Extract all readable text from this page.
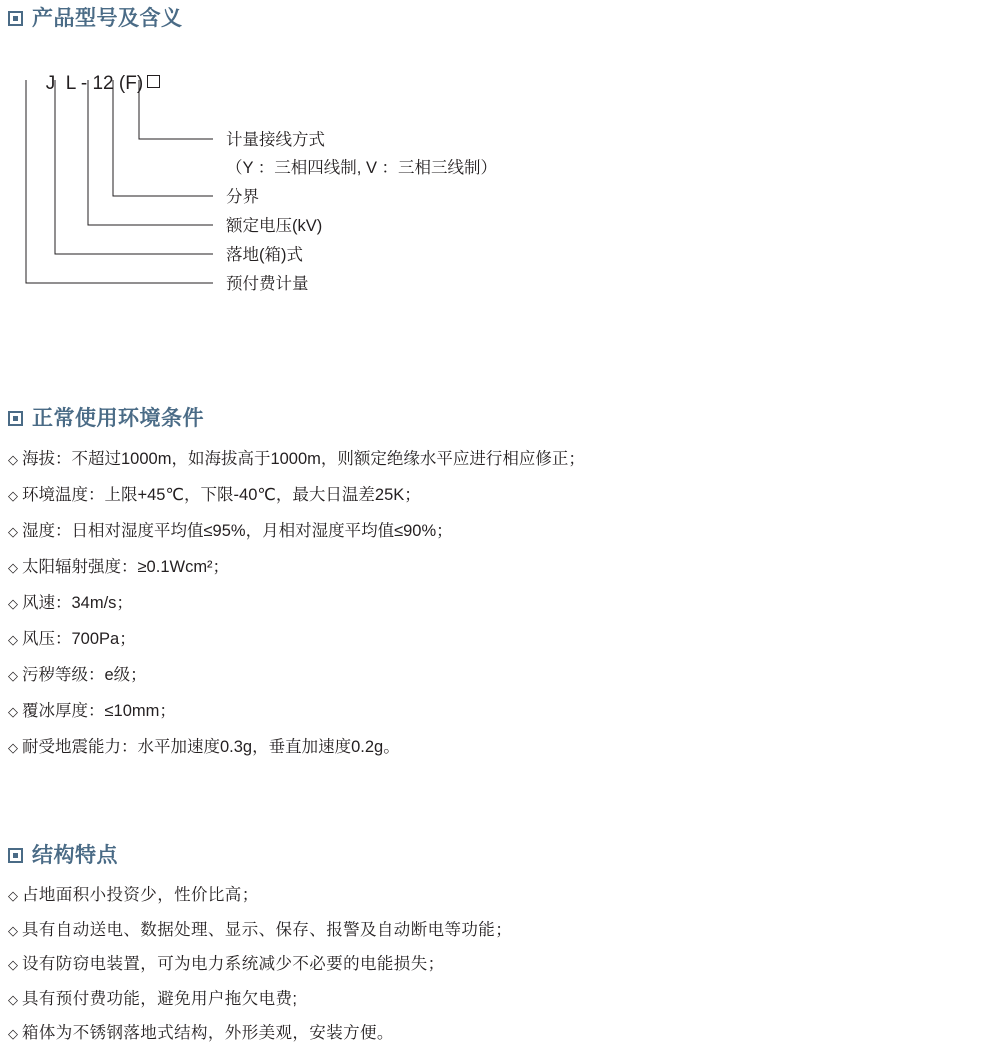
产品型号及含义

J  L - 12 (F)

计量接线方式
（Y ：三相四线制, V ：三相三线制）
分界
额定电压(kV)
落地(箱)式
预付费计量
正常使用环境条件
◇ 海拔：不超过1000m，如海拔高于1000m，则额定绝缘水平应进行相应修正；
◇ 环境温度：上限+45℃，下限-40℃，最大日温差25K；
◇ 湿度：日相对湿度平均值≤95%，月相对湿度平均值≤90%；
◇ 太阳辐射强度：≥0.1Wcm²；
◇ 风速：34m/s；
◇ 风压：700Pa；
◇ 污秽等级：e级；
◇ 覆冰厚度：≤10mm；
◇ 耐受地震能力：水平加速度0.3g，垂直加速度0.2g。
结构特点
◇ 占地面积小投资少，性价比高；
◇ 具有自动送电、数据处理、显示、保存、报警及自动断电等功能；
◇ 设有防窃电装置，可为电力系统减少不必要的电能损失；
◇ 具有预付费功能，避免用户拖欠电费;
◇ 箱体为不锈钢落地式结构，外形美观，安装方便。
